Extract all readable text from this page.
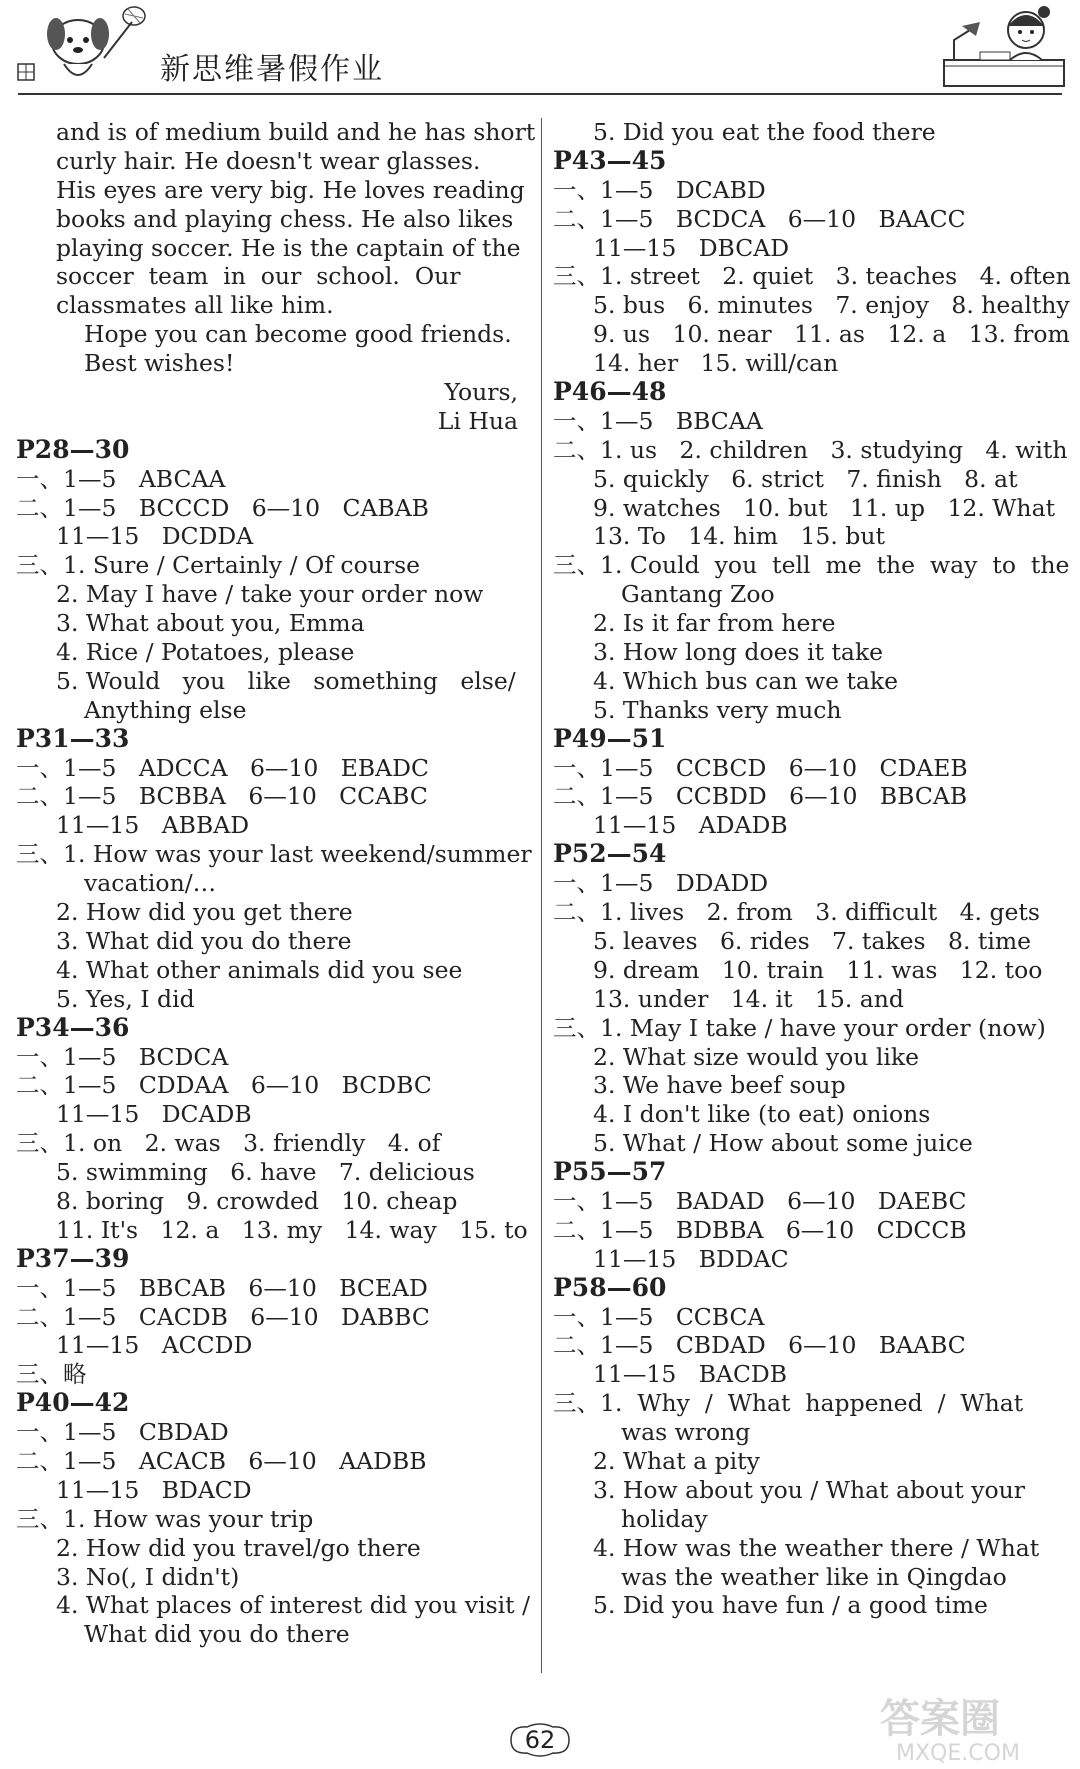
新思维暑假作业
and is of medium build and he has short
curly hair. He doesn't wear glasses.
His eyes are very big. He loves reading
books and playing chess. He also likes
playing soccer. He is the captain of the
soccer  team  in  our  school.  Our
classmates all like him.
Hope you can become good friends.
Best wishes!
Yours,
Li Hua
P28—30
一、1—5   ABCAA
二、1—5   BCCCD   6—10   CABAB
11—15   DCDDA
三、1. Sure / Certainly / Of course
2. May I have / take your order now
3. What about you, Emma
4. Rice / Potatoes, please
5. Would   you   like   something   else/
Anything else
P31—33
一、1—5   ADCCA   6—10   EBADC
二、1—5   BCBBA   6—10   CCABC
11—15   ABBAD
三、1. How was your last weekend/summer
vacation/…
2. How did you get there
3. What did you do there
4. What other animals did you see
5. Yes, I did
P34—36
一、1—5   BCDCA
二、1—5   CDDAA   6—10   BCDBC
11—15   DCADB
三、1. on   2. was   3. friendly   4. of
5. swimming   6. have   7. delicious
8. boring   9. crowded   10. cheap
11. It's   12. a   13. my   14. way   15. to
P37—39
一、1—5   BBCAB   6—10   BCEAD
二、1—5   CACDB   6—10   DABBC
11—15   ACCDD
三、略
P40—42
一、1—5   CBDAD
二、1—5   ACACB   6—10   AADBB
11—15   BDACD
三、1. How was your trip
2. How did you travel/go there
3. No(, I didn't)
4. What places of interest did you visit /
What did you do there
5. Did you eat the food there
P43—45
一、1—5   DCABD
二、1—5   BCDCA   6—10   BAACC
11—15   DBCAD
三、1. street   2. quiet   3. teaches   4. often
5. bus   6. minutes   7. enjoy   8. healthy
9. us   10. near   11. as   12. a   13. from
14. her   15. will/can
P46—48
一、1—5   BBCAA
二、1. us   2. children   3. studying   4. with
5. quickly   6. strict   7. finish   8. at
9. watches   10. but   11. up   12. What
13. To   14. him   15. but
三、1. Could  you  tell  me  the  way  to  the
Gantang Zoo
2. Is it far from here
3. How long does it take
4. Which bus can we take
5. Thanks very much
P49—51
一、1—5   CCBCD   6—10   CDAEB
二、1—5   CCBDD   6—10   BBCAB
11—15   ADADB
P52—54
一、1—5   DDADD
二、1. lives   2. from   3. difficult   4. gets
5. leaves   6. rides   7. takes   8. time
9. dream   10. train   11. was   12. too
13. under   14. it   15. and
三、1. May I take / have your order (now)
2. What size would you like
3. We have beef soup
4. I don't like (to eat) onions
5. What / How about some juice
P55—57
一、1—5   BADAD   6—10   DAEBC
二、1—5   BDBBA   6—10   CDCCB
11—15   BDDAC
P58—60
一、1—5   CCBCA
二、1—5   CBDAD   6—10   BAABC
11—15   BACDB
三、1.  Why  /  What  happened  /  What
was wrong
2. What a pity
3. How about you / What about your
holiday
4. How was the weather there / What
was the weather like in Qingdao
5. Did you have fun / a good time
62	答案圈
MXQE.COM
